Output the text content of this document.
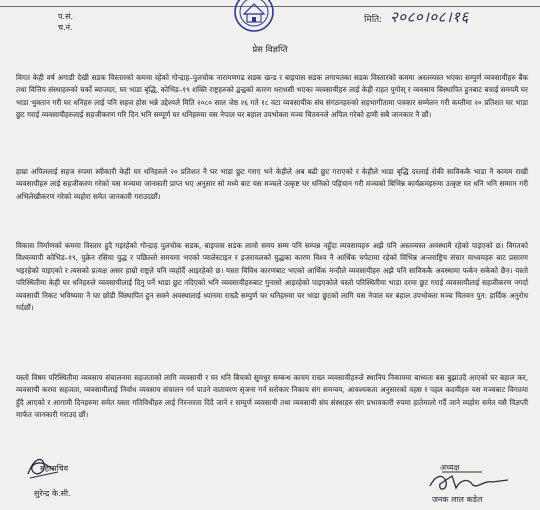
प.सं.
च.नं.
मिति: २०८०।०८।१६
प्रेस विज्ञप्ति
विगत केही वर्ष अगाडी देखी सडक विस्तारको कममा रहेको गोन्द्राह–पुलचोक नारायणगढ सडक खन्ड र बाइपास सडक लगायतका सडक विस्तारको कममा अस्तव्यस्त भएका सम्पुर्ण व्यवसायीहरु बैंक तथा वित्तिय संस्थाहरुको चर्को ब्याजदर, घर भाडा बृद्धि, कोभिड–१९ शक्ति राष्ट्रहरुको द्वन्द्वको कारण धराधसी भएका व्यवसायीहरु लाई केही राहत पुगोस् र व्यवसाय बिस्थापित हुनबाट बचाई समयमै घर भाडा भुक्तान गरी घर धनिहरु लाई पनि सहज होस भन्ने उद्देश्यले मिति २०८० साल जेष्ठ २६ गते १८ वटा व्यवसायीक संघ संगठनहरुको सहभागीतामा पत्रकार सम्मेलन गरी कम्तीमा २० प्रतिशत घर भाडा छुट गराई व्यवसायीहरुलाई सहजीकरण गरि दिन भनि सम्पूर्ण घर धनिहरुमा यस नेपाल घर बहाल उपभोक्ता मञ्च चितवनले अपिल गरेको हामी सबै जानकार नै छौं।
हाम्रा अपिललाई सहज रुपमा स्वीकारी केही घर धनिहरुले २० प्रतिशत नै घर भाडा छुट गराए भने केहीले अब बढी छुट गराएको र केहीले भाडा बृद्धि दरलाई रोकी साविककै भाडा नै कायम राखी व्यवसायीहरु लाई सहजीकरण गरेको यस मञ्चमा जानकारी प्राप्त भए अनुसार सो मध्ये बाट यस मञ्चले उत्कृष्ट घर धनिको पहिचान गरी मञ्चको बिभिन्न कार्यक्रमहरुमा उत्कृष्ट घर धनि भनि सम्मान गरी अभिलेखीकरण गरेको व्यहोरा समेत जानकारी गराउदछौं।
विकास निर्माणको कममा विस्तार हुदै गइरहेको गोन्द्राह पुलचोक सडक, बाइपास सडक लामो समय सम्म पनि सम्पन्न नहुँदा व्यवसायहरु अझै पनि अस्तव्यस्त अवस्थामै रहेको पाइएको छ। विगतको विश्वव्यापी कोभिड–१९, युक्रेन रसिया युद्ध र पछिल्लो समयमा भएको प्यालेस्टाइन र इजरायलको युद्धका कारण विश्व नै आर्थिक चपेटामा रहेको विभिन्न अन्तराष्ट्रिय संचार माध्यमहरु बाट प्रसारण भइरहेको पाइएको र त्यसको प्रत्यक्ष असर हाम्रो राष्ट्रले पनि व्यहोर्दै आइरहेको छ। यस्ता विविध कारणबाट भएको आर्थिक मन्दीले व्यवसायीहरु अझै पनि साविककै अवस्थामा फर्कन सकेको छैन। यस्तो परिस्थितीमा केही घर धनिहरुले व्यवसायीलाई दिनु पर्ने भाडा छुट नदिएको भनि व्यवसायीहरुबाट गुनासो आइरहेको पाइएकोले यस्तो परिस्थितीमा भाडा दरमा छुट गराई व्यवसायीलाई सहजीकरण नगर्दा व्यवसायी निकट भविष्यमा नै घर छोडी विस्थापित हुन सक्ने अवस्थालाई ध्यानमा राख्दै सम्पुर्ण घर धनिहरुमा घर भाडा छुटको लागि यस नेपाल घर बहाल उपभोक्ता मञ्च चितवन पुन: हार्दिक अनुरोध गर्दछौं।
यस्तो विषम परिस्थितीमा व्यवसाय संचालनमा सहजताको लागि व्यवसायी र घर धनि बिचको सुमधुर सम्बन्ध कायम राख्न व्यवसायीहरुले स्थानिय निकायमा बाध्यता बस बुझाउदै आएको घर बहाल कर, व्यवसायी करमा सहजता, व्यवसायीलाई निर्वाध व्यवसाय संचालन गर्न पाउने वातावरण सृजना गर्न सरोकार निकाय संग समन्वय, आवश्यकता अनुसारको वहस र पहल कदमीहरु यस मञ्चबाट विगतमा हुँदै आएको र आगामी दिनहरुमा समेत यस्ता गतिविधीहरु लाई निरन्तरता दिदै जाने र सम्पुर्ण व्यवसायी तथा व्यवसायी संघ संस्थाहरु संग प्रभावकारी रुपमा हातेमालो गर्दै जाने व्यहोरा समेत यसै विज्ञप्ती मार्फत जानकारी गराउद छौं।
महासचिव
सुरेन्द्र के.सी.
अध्यक्ष
जनक लाल कडेल
